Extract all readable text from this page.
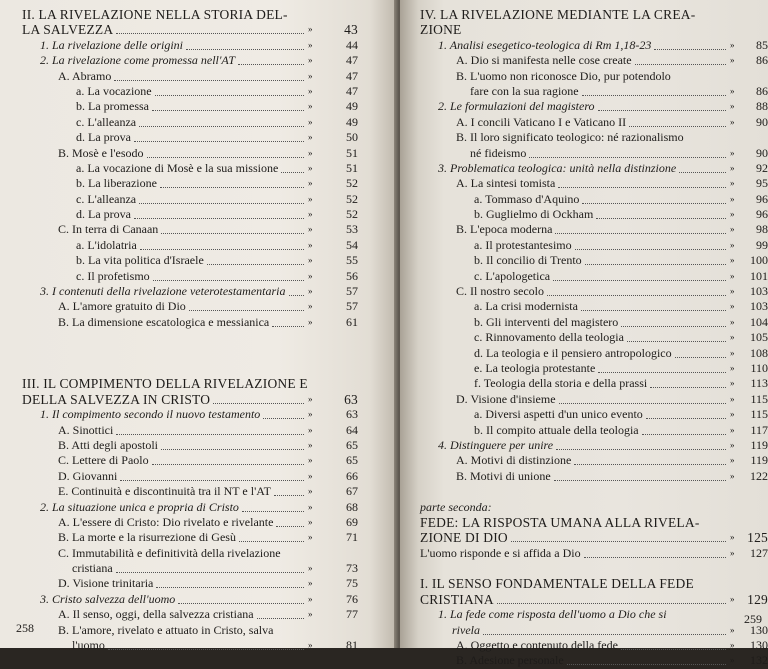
II. LA RIVELAZIONE NELLA STORIA DEL-
LA SALVEZZA	»	43
1. La rivelazione delle origini	»	44
2. La rivelazione come promessa nell'AT	»	47
A. Abramo	»	47
a. La vocazione	»	47
b. La promessa	»	49
c. L'alleanza	»	49
d. La prova	»	50
B. Mosè e l'esodo	»	51
a. La vocazione di Mosè e la sua missione	»	51
b. La liberazione	»	52
c. L'alleanza	»	52
d. La prova	»	52
C. In terra di Canaan	»	53
a. L'idolatria	»	54
b. La vita politica d'Israele	»	55
c. Il profetismo	»	56
3. I contenuti della rivelazione veterotestamentaria	»	57
A. L'amore gratuito di Dio	»	57
B. La dimensione escatologica e messianica	»	61
III. IL COMPIMENTO DELLA RIVELAZIONE E
DELLA SALVEZZA IN CRISTO	»	63
1. Il compimento secondo il nuovo testamento	»	63
A. Sinottici	»	64
B. Atti degli apostoli	»	65
C. Lettere di Paolo	»	65
D. Giovanni	»	66
E. Continuità e discontinuità tra il NT e l'AT	»	67
2. La situazione unica e propria di Cristo	»	68
A. L'essere di Cristo: Dio rivelato e rivelante	»	69
B. La morte e la risurrezione di Gesù	»	71
C. Immutabilità e definitività della rivelazione
cristiana	»	73
D. Visione trinitaria	»	75
3. Cristo salvezza dell'uomo	»	76
A. Il senso, oggi, della salvezza cristiana	»	77
B. L'amore, rivelato e attuato in Cristo, salva
l'uomo	»	81
258
IV. LA RIVELAZIONE MEDIANTE LA CREA-
ZIONE
1. Analisi esegetico-teologica di Rm 1,18-23	»	85
A. Dio si manifesta nelle cose create	»	86
B. L'uomo non riconosce Dio, pur potendolo
fare con la sua ragione	»	86
2. Le formulazioni del magistero	»	88
A. I concili Vaticano I e Vaticano II	»	90
B. Il loro significato teologico: né razionalismo
né fideismo	»	90
3. Problematica teologica: unità nella distinzione	»	92
A. La sintesi tomista	»	95
a. Tommaso d'Aquino	»	96
b. Guglielmo di Ockham	»	96
B. L'epoca moderna	»	98
a. Il protestantesimo	»	99
b. Il concilio di Trento	»	100
c. L'apologetica	»	101
C. Il nostro secolo	»	103
a. La crisi modernista	»	103
b. Gli interventi del magistero	»	104
c. Rinnovamento della teologia	»	105
d. La teologia e il pensiero antropologico	»	108
e. La teologia protestante	»	110
f. Teologia della storia e della prassi	»	113
D. Visione d'insieme	»	115
a. Diversi aspetti d'un unico evento	»	115
b. Il compito attuale della teologia	»	117
4. Distinguere per unire	»	119
A. Motivi di distinzione	»	119
B. Motivi di unione	»	122
parte seconda:
FEDE: LA RISPOSTA UMANA ALLA RIVELA-
ZIONE DI DIO	» 125
L'uomo risponde e si affida a Dio	»	127
I. IL SENSO FONDAMENTALE DELLA FEDE
CRISTIANA	» 129
1. La fede come risposta dell'uomo a Dio che si
rivela	»	130
A. Oggetto e contenuto della fede	»	130
B. Adesione personale	»	132
259
